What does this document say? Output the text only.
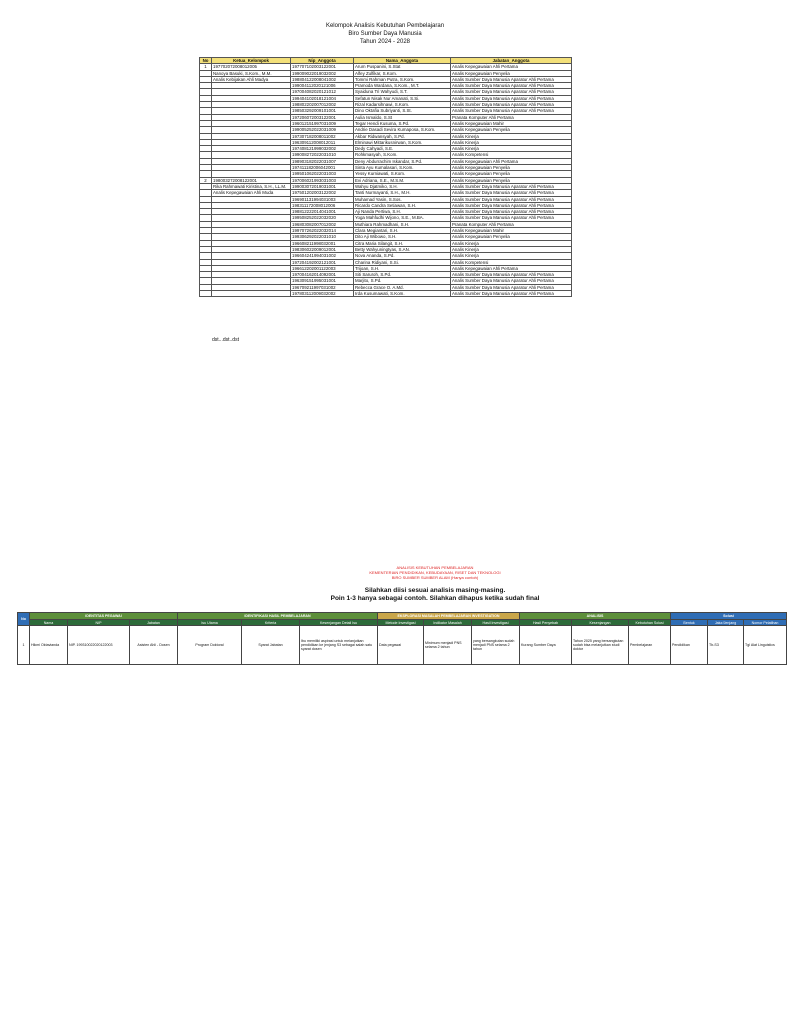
Kelompok Analisis Kebutuhan Pembelajaran
Biro Sumber Daya Manusia
Tahun 2024 - 2028
No	Ketua_Kelompok	Nip_Anggota	Nama_Anggota	Jabatan_Anggota
1	197702072008012005	197707102003122001	Arum Puspanini, S.Stat	Analis Kepegawaian Ahli Pertama
	Nanoya Basuki, S.Kom., M.M.	199009022019032002	Alfey Zulfikar, S.Kom.	Analis Kepegawaian Penyelia
	Analis Kebijakan Ahli Madya	198804122008041002	Tommi Rahman Putra, S.Kom.	Analis Sumber Daya Manusia Aparatur Ahli Pertama
		199004112020121006	Pramoda Wardana, S.Kom., M.T.	Analis Sumber Daya Manusia Aparatur Ahli Pertama
		197004082020121012	Syaiduna Tri Wahyudi, S.T.	Analis Sumber Daya Manusia Aparatur Ahli Pertama
		199404102018121004	Sefatun Nisak Nur Amanati, S.Si.	Analis Sumber Daya Manusia Aparatur Ahli Pertama
		198802202007012002	Rizal Kadarsihnawi, S.Kom.	Analis Sumber Daya Manusia Aparatur Ahli Pertama
		198503292009101001	Dino Oktafia Subriyanti, S.St.	Analis Sumber Daya Manusia Aparatur Ahli Pertama
		197206072003122001	Aulia Ismaldo, S.St	Pranata Komputer Ahli Pertama
		196012151997031009	Tegar Hendi Kusuma, S.Pd.	Analis Kepegawaian Mahir
		199005252022031009	Andrie Dasadi Sevira Kumaposa, S.Kom.	Analis Kepegawaian Penyelia
		197307182008011002	Akbar Ridwansyah, S.Pd.	Analis Kinerja
		196309112008012011	Elminawi Mittarikusnirwan, S.Kom.	Analis Kinerja
		197408121999032002	Dedy Cahyadi, S.E.	Analis Kinerja
		199008272022031010	Rohkmasyah, S.Kom.	Analis Kompetensi
		198903182022031007	Deny Abdurrachim Iskandar, S.Pd.	Analis Kepegawaian Ahli Pertama
		197411182006042001	Sinta Ayu Kumalasari, S.Kom.	Analis Kepegawaian Penyelia
		199501062022031003	Yessy Kurniawati, S.Kom.	Analis Kepegawaian Penyelia
2	198003272008122001	197006021993031003	Evi Adriana, S.E., M.S.M.	Analis Kepegawaian Penyelia
	Rika Rahmawati Kiristina, S.H., LL.M.	199003072019031001	Wahyu Djatmiko, S.H.	Analis Sumber Daya Manusia Aparatur Ahli Pertama
	Analis Kepegawaian Ahli Muda	197501202003122002	Tanti Nurmayanti, S.H., M.H.	Analis Sumber Daya Manusia Aparatur Ahli Pertama
		196901131994031003	Muhamad Yasin, S.Sos.	Analis Sumber Daya Manusia Aparatur Ahli Pertama
		198311172008012006	Ricardo Candra Setiawan, S.H.	Analis Sumber Daya Manusia Aparatur Ahli Pertama
		198812222014041001	Aji Nanda Pertiwa, S.H.	Analis Sumber Daya Manusia Aparatur Ahli Pertama
		199508252022032020	Yoga Mahfudhi Wijono, S.E., M.BA.	Analis Sumber Daya Manusia Aparatur Ahli Pertama
		196803082007012002	Muthiara Rahmadhani, S.H.	Pranata Komputer Ahli Pertama
		199707262022032014	Clara Megiantari, S.H.	Analis Kepegawaian Mahir
		199306292022031010	Dito Aji Wibowo, S.H.	Analis Kepegawaian Penyelia
		196608211998032001	Citra Maria Silangit, S.H.	Analis Kinerja
		198306022009012001	Betty Wahyuningtyas, S.AN.	Analis Kinerja
		196604241994031002	Nova Ananda, S.Pd.	Analis Kinerja
		197204192002121001	Charina Ridiyani, S.Si.	Analis Kompetensi
		196612202001122003	Trijoan, S.H.	Analis Kepegawaian Ahli Pertama
		197004162014092001	Siti Saruroh, S.Pd.	Analis Sumber Daya Manusia Aparatur Ahli Pertama
		196309151995031001	Marjito, S.Pd.	Analis Sumber Daya Manusia Aparatur Ahli Pertama
		196709211997031002	Rebecca Grace O. A.Md.	Analis Sumber Daya Manusia Aparatur Ahli Pertama
		197803112009032002	Irda Kusumawati, S.Kom.	Analis Sumber Daya Manusia Aparatur Ahli Pertama
dst...dst..dst
ANALISIS KEBUTUHAN PEMBELAJARAN
KEMENTERIAN PENDIDIKAN, KEBUDAYAAN, RISET DAN TEKNOLOGI
BIRO SUMBER SUMBER ALAM (Hanya contoh)
Silahkan diisi sesuai analisis masing-masing.
Poin 1-3 hanya sebagai contoh. Silahkan dihapus ketika sudah final
No	IDENTITAS PEGAWAI			IDENTIFIKASI HASIL PEMBELAJARAN			EKSPLORASI MASALAH PEMBELAJARAN INVESTIGATION			ANALISIS			Solusi		
	Nama	NIP	Jabatan	Isu Utama	Kriteria	Kesenjangan Detail Isu	Metode Investigasi	Indikator Masalah	Hasil Investigasi	Hasil Penyebab	Kesenjangan	Kebutuhan Solusi	Bentuk	Jalur/Jenjang	Nomor Pelatihan
1	Hikmi Oktavianda	NIP. 199310022020122003	Asisten Ahli - Dosen	Program Doktoral	Syarat Jabatan	Ibu memiliki aspirasi untuk melanjutkan pendidikan ke jenjang S3 sebagai salah satu syarat dosen	Data pegawai	Minimum menjadi PNS selama 2 tahun	yang bersangkutan sudah menjadi PNS selama 2 tahun	Kurang Sumber Daya	Tahun 2025 yang bersangkutan sudah bisa melanjutkan studi doktor	Pembelajaran	Pendidikan	Tb-S3	Tgl Alat Linguistics
